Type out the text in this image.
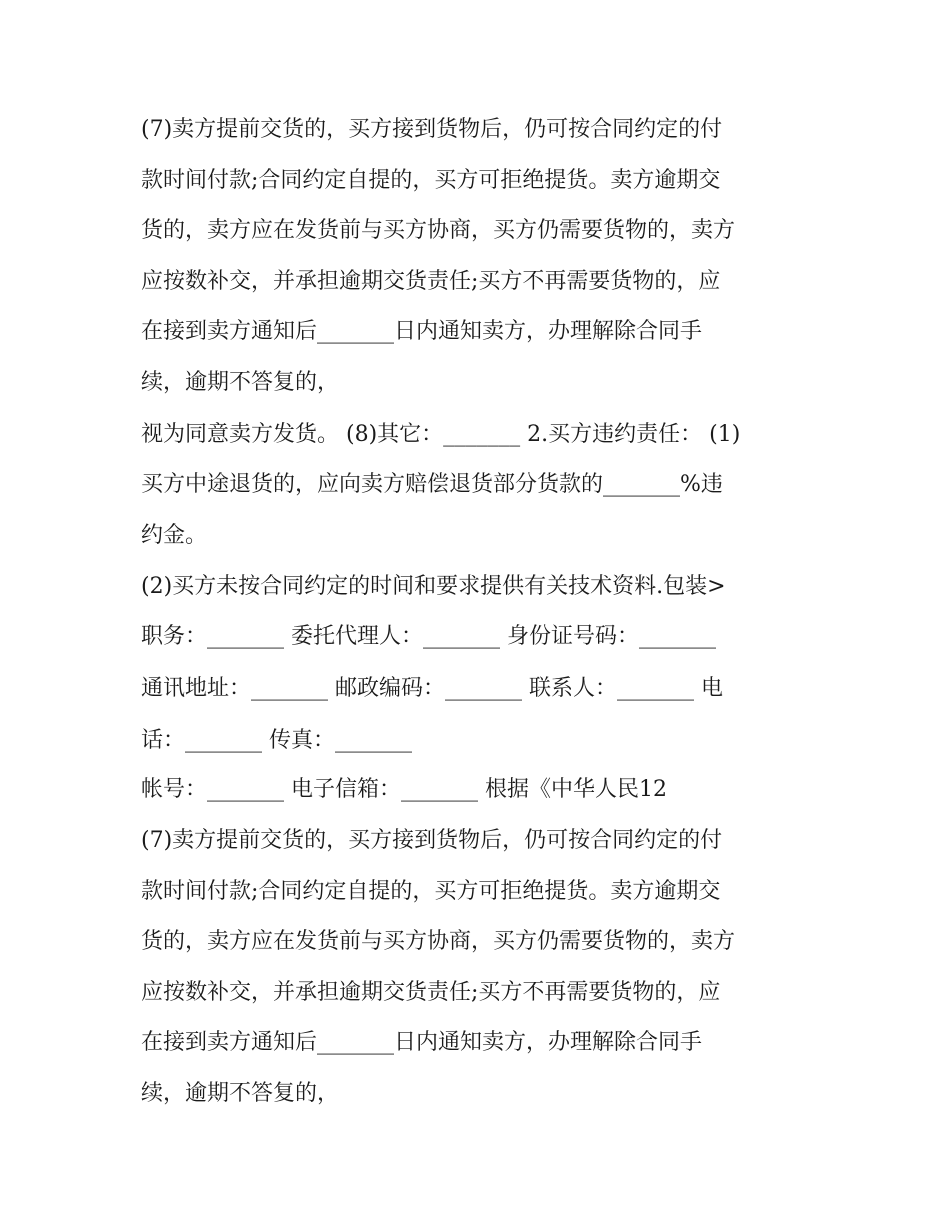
(7)卖方提前交货的，买方接到货物后，仍可按合同约定的付

款时间付款;合同约定自提的，买方可拒绝提货。卖方逾期交

货的，卖方应在发货前与买方协商，买方仍需要货物的，卖方

应按数补交，并承担逾期交货责任;买方不再需要货物的，应

在接到卖方通知后_______日内通知卖方，办理解除合同手

续，逾期不答复的，

视为同意卖方发货。 (8)其它：_______ 2.买方违约责任： (1)

买方中途退货的，应向卖方赔偿退货部分货款的_______%违

约金。

(2)买方未按合同约定的时间和要求提供有关技术资料.包装>

职务：_______ 委托代理人：_______ 身份证号码：_______

通讯地址：_______ 邮政编码：_______ 联系人：_______ 电

话：_______ 传真：_______

帐号：_______ 电子信箱：_______ 根据《中华人民12

(7)卖方提前交货的，买方接到货物后，仍可按合同约定的付

款时间付款;合同约定自提的，买方可拒绝提货。卖方逾期交

货的，卖方应在发货前与买方协商，买方仍需要货物的，卖方

应按数补交，并承担逾期交货责任;买方不再需要货物的，应

在接到卖方通知后_______日内通知卖方，办理解除合同手

续，逾期不答复的，
